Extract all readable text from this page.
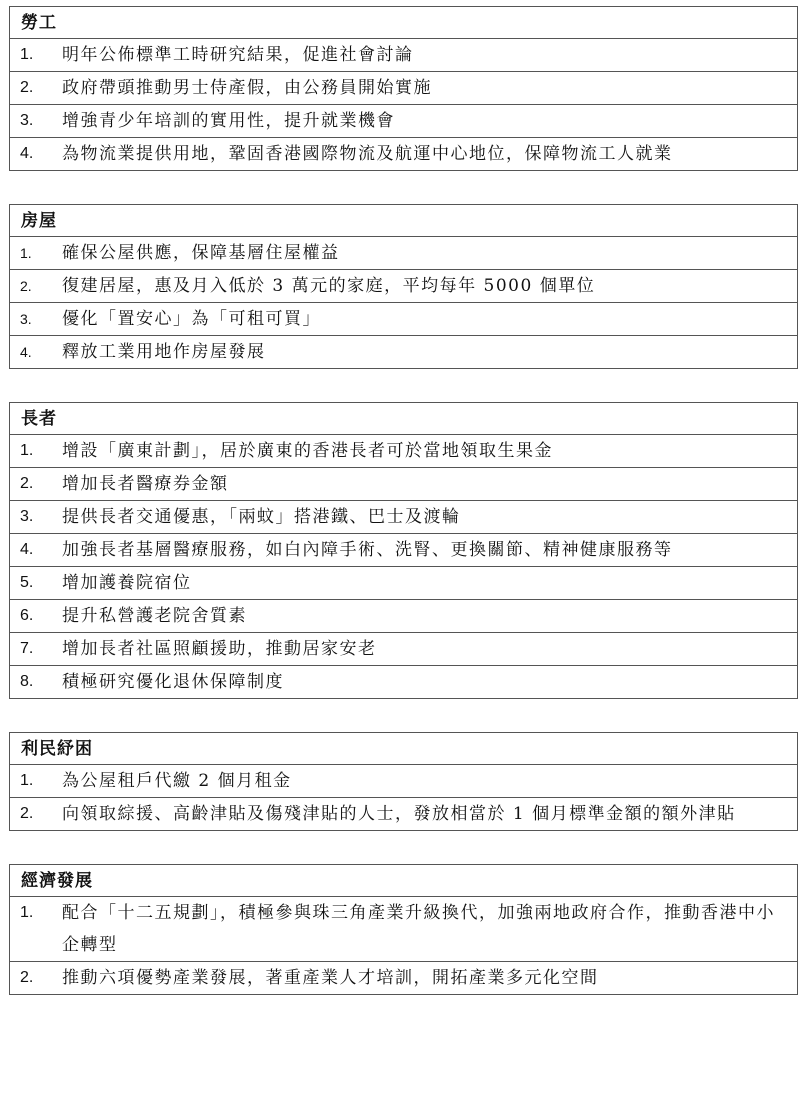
勞工
1.	明年公佈標準工時研究結果，促進社會討論
2.	政府帶頭推動男士侍產假，由公務員開始實施
3.	增強青少年培訓的實用性，提升就業機會
4.	為物流業提供用地，鞏固香港國際物流及航運中心地位，保障物流工人就業
房屋
1.	確保公屋供應，保障基層住屋權益
2.	復建居屋，惠及月入低於 3 萬元的家庭，平均每年 5000 個單位
3.	優化「置安心」為「可租可買」
4.	釋放工業用地作房屋發展
長者
1.	增設「廣東計劃」，居於廣東的香港長者可於當地領取生果金
2.	增加長者醫療券金額
3.	提供長者交通優惠，「兩蚊」搭港鐵、巴士及渡輪
4.	加強長者基層醫療服務，如白內障手術、洗腎、更換關節、精神健康服務等
5.	增加護養院宿位
6.	提升私營護老院舍質素
7.	增加長者社區照顧援助，推動居家安老
8.	積極研究優化退休保障制度
利民紓困
1.	為公屋租戶代繳 2 個月租金
2.	向領取綜援、高齡津貼及傷殘津貼的人士，發放相當於 1 個月標準金額的額外津貼
經濟發展
1.	配合「十二五規劃」，積極參與珠三角產業升級換代，加強兩地政府合作，推動香港中小企轉型
2.	推動六項優勢產業發展，著重產業人才培訓，開拓產業多元化空間
